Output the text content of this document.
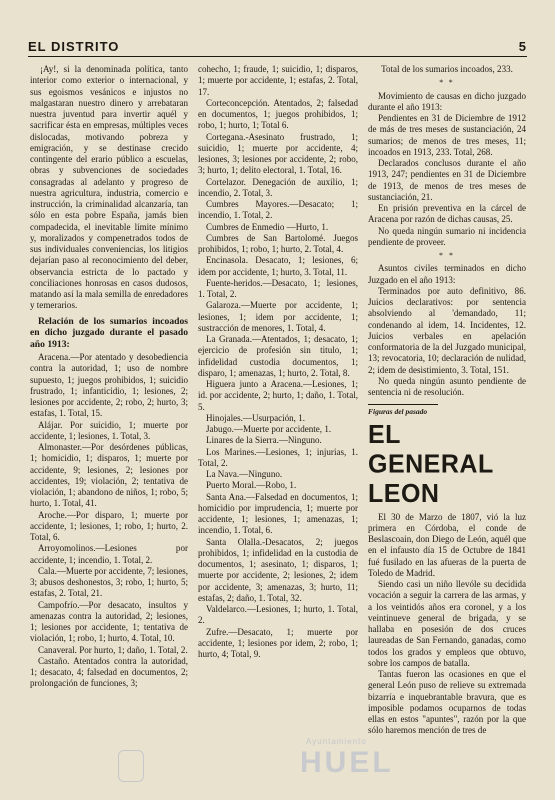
EL DISTRITO	5

¡Ay!, si la denominada política, tanto interior como exterior o internacional, y sus egoismos vesánicos e injustos no malgastaran nuestro dinero y arrebataran nuestra juventud para invertir aquél y sacrificar ésta en empresas, múltiples veces dislocadas, motivando pobreza y emigración, y se destinase crecido contingente del erario público a escuelas, obras y subvenciones de sociedades consagradas al adelanto y progreso de nuestra agricultura, industria, comercio e instrucción, la criminalidad alcanzaría, tan sólo en esta pobre España, jamás bien compadecida, el inevitable límite mínimo y, moralizados y compenetrados todos de sus individuales conveniencias, los litigios dejarían paso al reconocimiento del deber, observancia estricta de lo pactado y conciliaciones honrosas en casos dudosos, matando así la mala semilla de enredadores y temerarios.

Relación de los sumarios incoados en dicho juzgado durante el pasado año 1913:

Aracena.—Por atentado y desobediencia contra la autoridad, 1; uso de nombre supuesto, 1; juegos prohibidos, 1; suicidio frustrado, 1; infanticidio, 1; lesiones, 2; lesiones por accidente, 2; robo, 2; hurto, 3; estafas, 1. Total, 15.

Alájar. Por suicidio, 1; muerte por accidente, 1; lesiones, 1. Total, 3.

Almonaster.—Por desórdenes públicas, 1; homicidio, 1; disparos, 1; muerte por accidente, 9; lesiones, 2; lesiones por accidentes, 19; violación, 2; tentativa de violación, 1; abandono de niños, 1; robo, 5; hurto, 1. Total, 41.

Aroche.—Por disparo, 1; muerte por accidente, 1; lesiones, 1; robo, 1; hurto, 2. Total, 6.

Arroyomolinos.—Lesiones por accidente, 1; incendio, 1. Total, 2.

Cala.—Muerte por accidente, 7; lesiones, 3; abusos deshonestos, 3; robo, 1; hurto, 5; estafas, 2. Total, 21.

Campofrío.—Por desacato, insultos y amenazas contra la autoridad, 2; lesiones, 1; lesiones por accidente, 1; tentativa de violación, 1; robo, 1; hurto, 4. Total, 10.

Canaveral. Por hurto, 1; daño, 1. Total, 2.

Castaño. Atentados contra la autoridad, 1; desacato, 4; falsedad en documentos, 2; prolongación de funciones, 3;

cohecho, 1; fraude, 1; suicidio, 1; disparos, 1; muerte por accidente, 1; estafas, 2. Total, 17.

Corteconcepción. Atentados, 2; falsedad en documentos, 1; juegos prohibidos, 1; robo, 1; hurto, 1; Total 6.

Cortegana.-Asesinato frustrado, 1; suicidio, 1; muerte por accidente, 4; lesiones, 3; lesiones por accidente, 2; robo, 3; hurto, 1; delito electoral, 1. Total, 16.

Cortelazor. Denegación de auxilio, 1; incendio, 2. Total, 3.

Cumbres Mayores.—Desacato; 1; incendio, 1. Total, 2.

Cumbres de Enmedio —Hurto, 1.

Cumbres de San Bartolomé. Juegos prohibidos, 1; robo, 1; hurto, 2. Total, 4.

Encinasola. Desacato, 1; lesiones, 6; idem por accidente, 1; hurto, 3. Total, 11.

Fuente-heridos.—Desacato, 1; lesiones, 1. Total, 2.

Galaroza.—Muerte por accidente, 1; lesiones, 1; idem por accidente, 1; sustracción de menores, 1. Total, 4.

La Granada.—Atentados, 1; desacato, 1; ejercicio de profesión sin titulo, 1; infidelidad custodia documentos, 1; disparo, 1; amenazas, 1; hurto, 2. Total, 8.

Higuera junto a Aracena.—Lesiones, 1; id. por accidente, 2; hurto, 1; daño, 1. Total, 5.

Hinojales.—Usurpación, 1.

Jabugo.—Muerte por accidente, 1.

Linares de la Sierra.—Ninguno.

Los Marines.—Lesiones, 1; injurias, 1. Total, 2.

La Nava.—Ninguno.

Puerto Moral.—Robo, 1.

Santa Ana.—Falsedad en documentos, 1; homicidio por imprudencia, 1; muerte por accidente, 1; lesiones, 1; amenazas, 1; incendio, 1. Total, 6.

Santa Olalla.-Desacatos, 2; juegos prohibidos, 1; infidelidad en la custodia de documentos, 1; asesinato, 1; disparos, 1; muerte por accidente, 2; lesiones, 2; idem por accidente, 3; amenazas, 3; hurto, 11; estafas, 2; daño, 1. Total, 32.

Valdelarco.—Lesiones, 1; hurto, 1. Total, 2.

Zufre.—Desacato, 1; muerte por accidente, 1; lesiones por idem, 2; robo, 1; hurto, 4; Total, 9.

Total de los sumarios incoados, 233.

* *

Movimiento de causas en dicho juzgado durante el año 1913:

Pendientes en 31 de Diciembre de 1912 de más de tres meses de sustanciación, 24 sumarios; de menos de tres meses, 11; incoados en 1913, 233. Total, 268.

Declarados conclusos durante el año 1913, 247; pendientes en 31 de Diciembre de 1913, de menos de tres meses de sustanciación, 21.

En prisión preventiva en la cárcel de Aracena por razón de dichas causas, 25.

No queda ningún sumario ni incidencia pendiente de proveer.

* *

Asuntos civiles terminados en dicho Juzgado en el año 1913:

Terminados por auto definitivo, 86. Juicios declarativos: por sentencia absolviendo al 'demandado, 11; condenando al idem, 14. Incidentes, 12. Juicios verbales en apelación conformatoria de la del Juzgado municipal, 13; revocatoria, 10; declaración de nulidad, 2; idem de desistimiento, 3. Total, 151.

No queda ningún asunto pendiente de sentencia ni de resolución.

Figuras del pasado
EL GENERAL LEON

El 30 de Marzo de 1807, vió la luz primera en Córdoba, el conde de Beslascoain, don Diego de León, aquél que en el infausto día 15 de Octubre de 1841 fué fusilado en las afueras de la puerta de Toledo de Madrid.

Siendo casi un niño llevóle su decidida vocación a seguir la carrera de las armas, y a los veintidós años era coronel, y a los veintinueve general de brigada, y se hallaba en posesión de dos cruces laureadas de San Fernando, ganadas, como todos los grados y empleos que obtuvo, sobre los campos de batalla.

Tantas fueron las ocasiones en que el general León puso de relieve su extremada bizarría e inquebrantable bravura, que es imposible podamos ocuparnos de todas ellas en estos "apuntes", razón por la que sólo haremos mención de tres de

Ayuntamiento
HUEL
